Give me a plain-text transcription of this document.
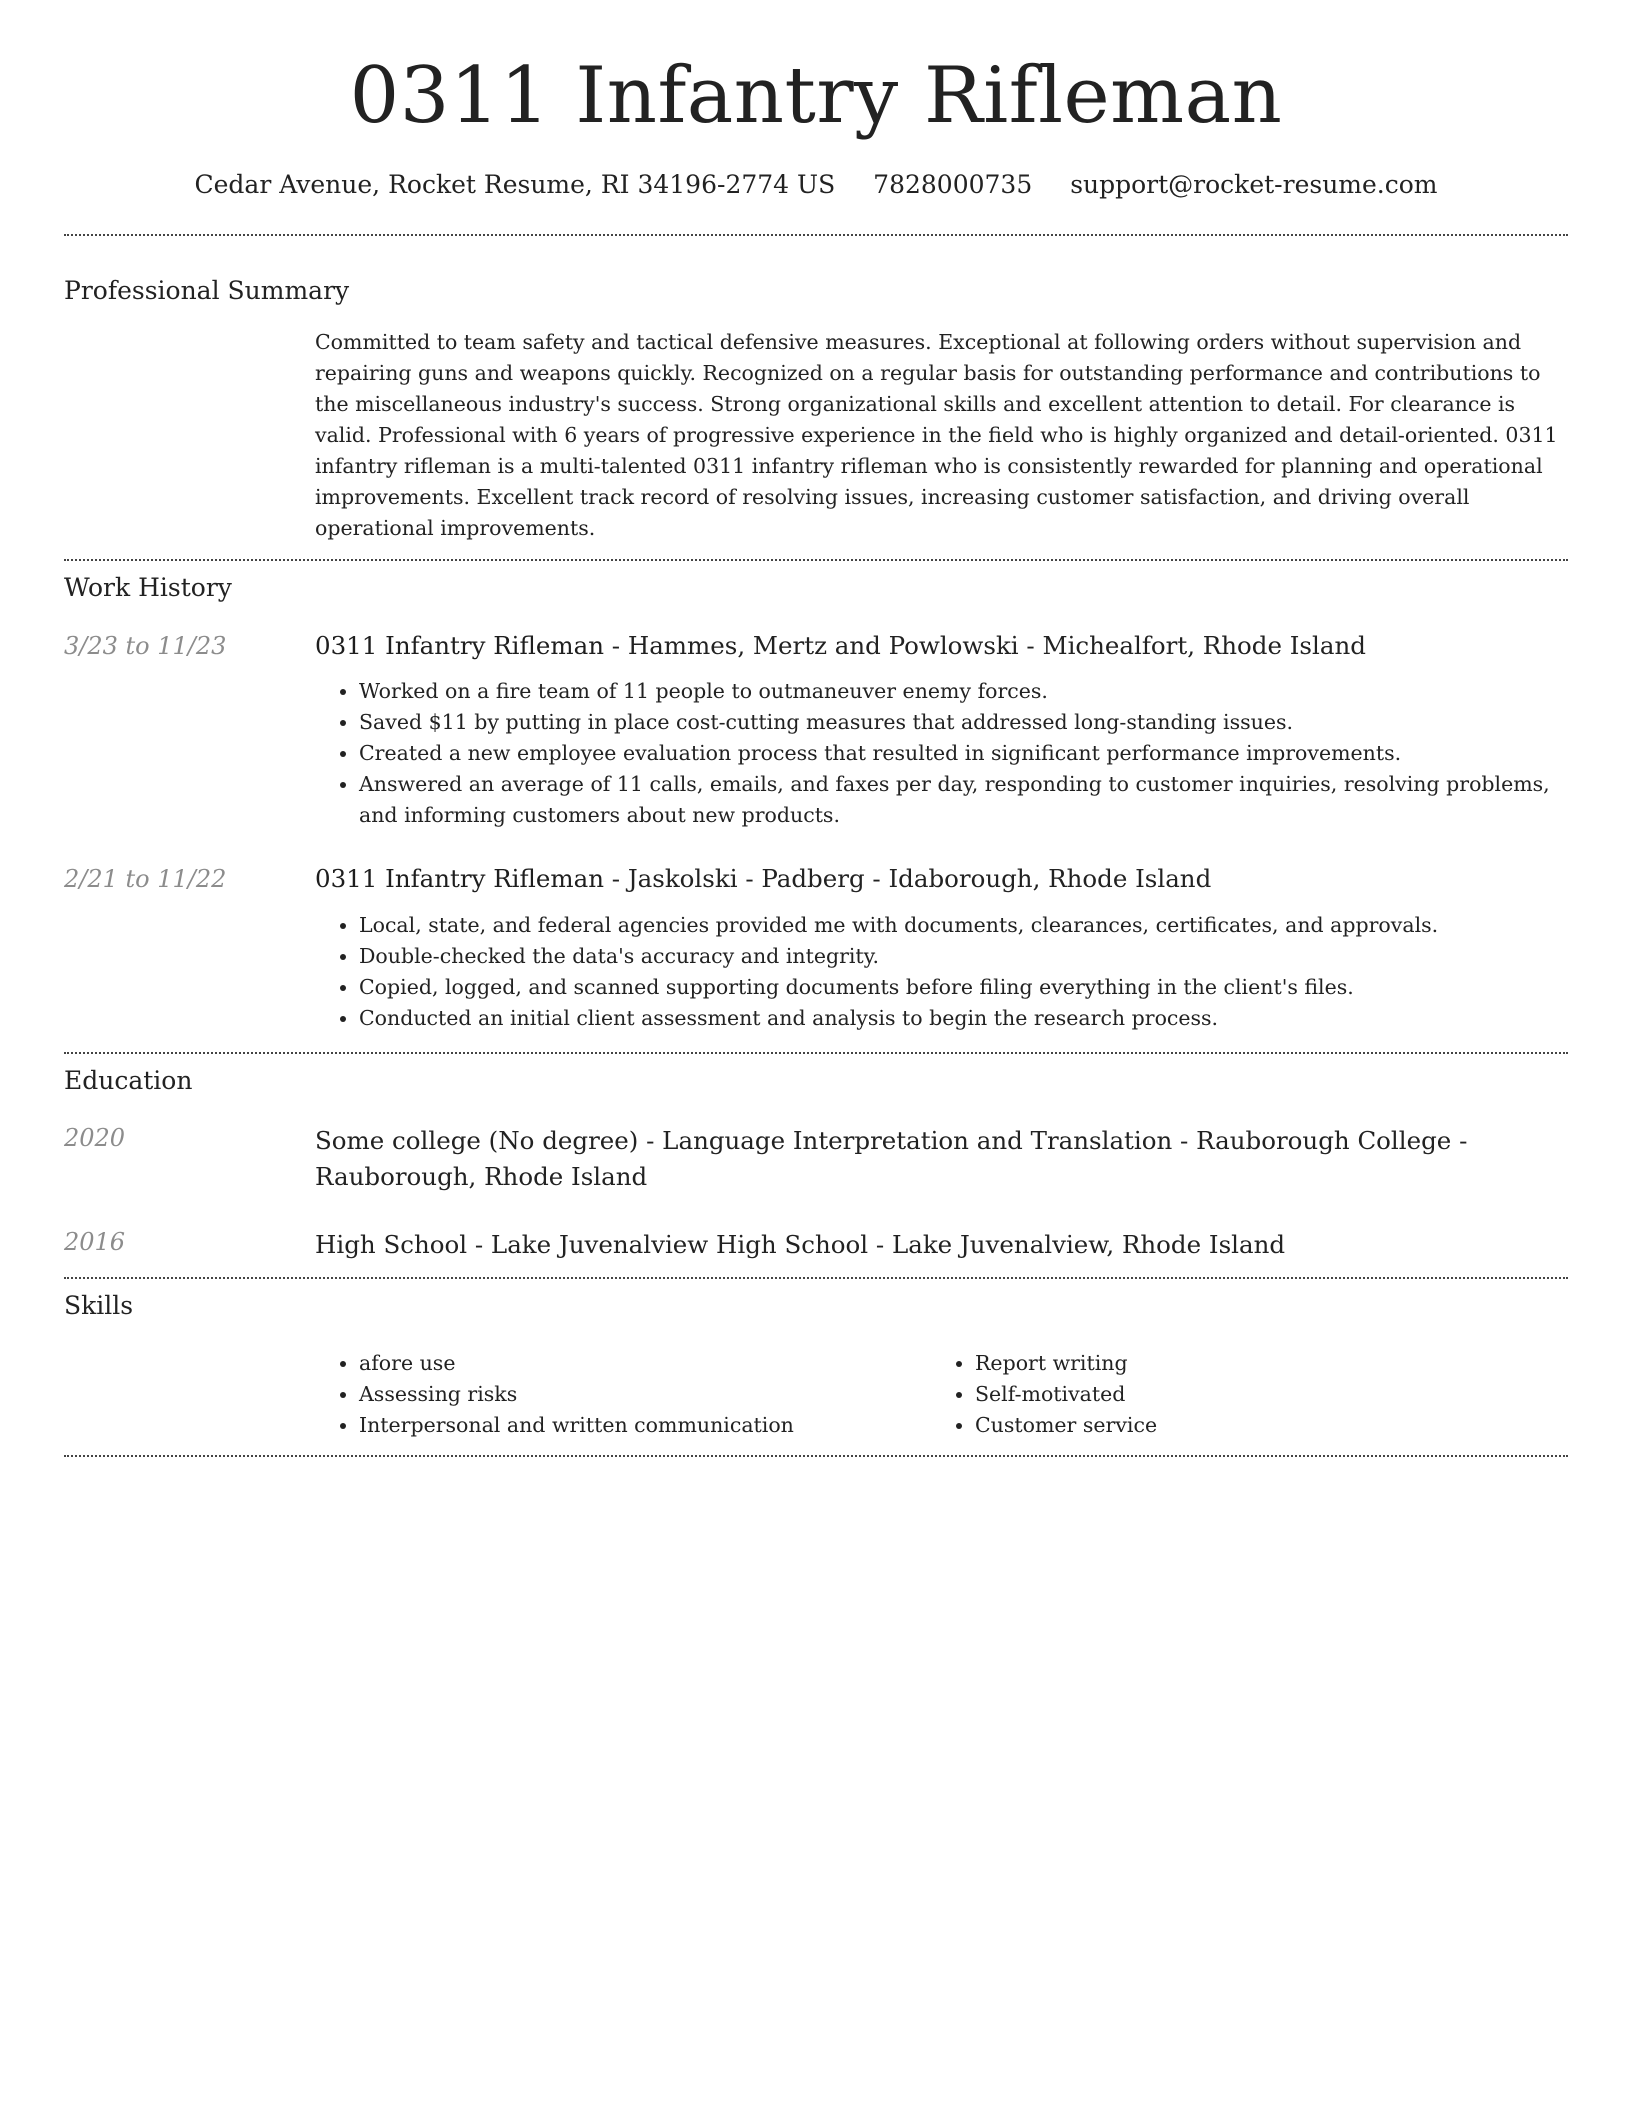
0311 Infantry Rifleman
Cedar Avenue, Rocket Resume, RI 34196-2774 US 7828000735 support@rocket-resume.com
Professional Summary

Committed to team safety and tactical defensive measures. Exceptional at following orders without supervision and repairing guns and weapons quickly. Recognized on a regular basis for outstanding performance and contributions to the miscellaneous industry's success. Strong organizational skills and excellent attention to detail. For clearance is valid. Professional with 6 years of progressive experience in the field who is highly organized and detail-oriented. 0311 infantry rifleman is a multi-talented 0311 infantry rifleman who is consistently rewarded for planning and operational improvements. Excellent track record of resolving issues, increasing customer satisfaction, and driving overall operational improvements.

Work History
3/23 to 11/23	0311 Infantry Rifleman - Hammes, Mertz and Powlowski - Michealfort, Rhode Island

• Worked on a fire team of 11 people to outmaneuver enemy forces.
• Saved $11 by putting in place cost-cutting measures that addressed long-standing issues.
• Created a new employee evaluation process that resulted in significant performance improvements.
• Answered an average of 11 calls, emails, and faxes per day, responding to customer inquiries, resolving problems, and informing customers about new products.
2/21 to 11/22	0311 Infantry Rifleman - Jaskolski - Padberg - Idaborough, Rhode Island

• Local, state, and federal agencies provided me with documents, clearances, certificates, and approvals.
• Double-checked the data's accuracy and integrity.
• Copied, logged, and scanned supporting documents before filing everything in the client's files.
• Conducted an initial client assessment and analysis to begin the research process.
Education
2020	Some college (No degree) - Language Interpretation and Translation - Rauborough College - Rauborough, Rhode Island

2016	High School - Lake Juvenalview High School - Lake Juvenalview, Rhode Island

Skills
• afore use
• Assessing risks
• Interpersonal and written communication
• Report writing
• Self-motivated
• Customer service
